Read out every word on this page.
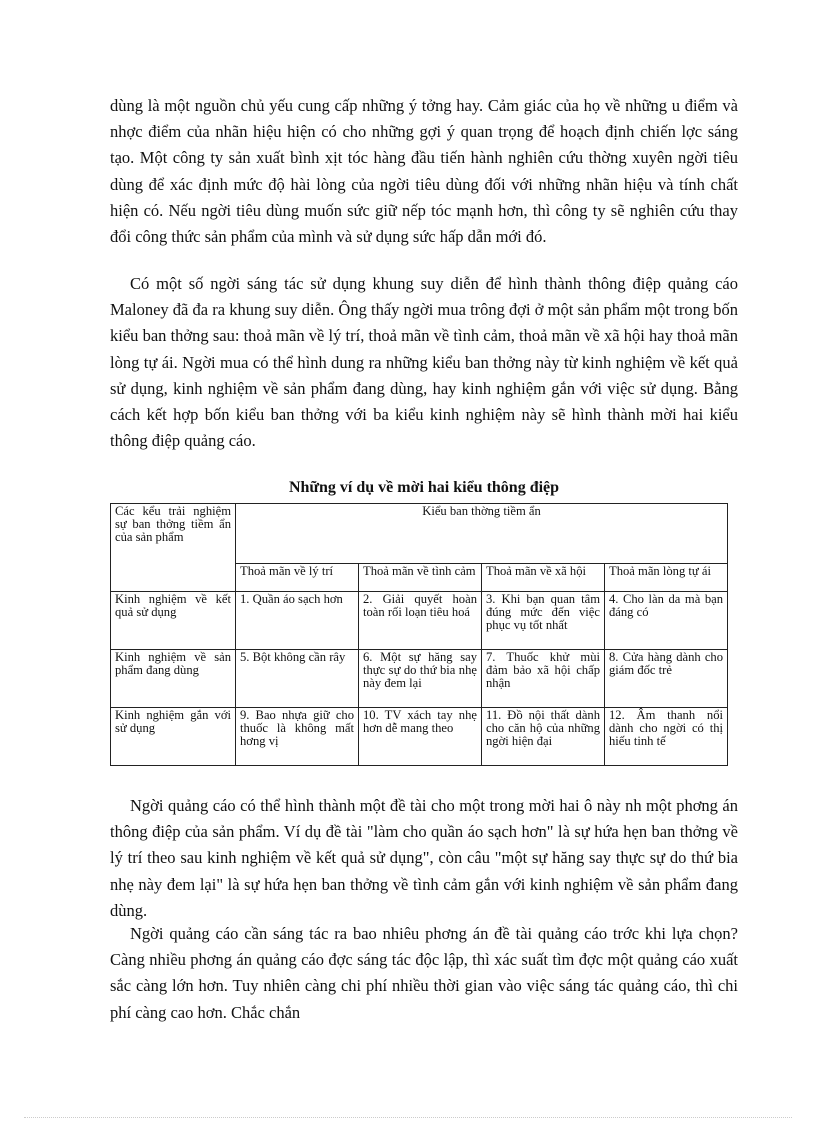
dùng là một nguồn chủ yếu cung cấp những ý tởng hay. Cảm giác của họ về những u điểm và nhợc điểm của nhãn hiệu hiện có cho những gợi ý quan trọng để hoạch định chiến lợc sáng tạo. Một công ty sản xuất bình xịt tóc hàng đầu tiến hành nghiên cứu thờng xuyên ngời tiêu dùng để xác định mức độ hài lòng của ngời tiêu dùng đối với những nhãn hiệu và tính chất hiện có. Nếu ngời tiêu dùng muốn sức giữ nếp tóc mạnh hơn, thì công ty sẽ nghiên cứu thay đổi công thức sản phẩm của mình và sử dụng sức hấp dẫn mới đó.

Có một số ngời sáng tác sử dụng khung suy diễn để hình thành thông điệp quảng cáo Maloney đã đa ra khung suy diễn. Ông thấy ngời mua trông đợi ở một sản phẩm một trong bốn kiểu ban thởng sau: thoả mãn về lý trí, thoả mãn về tình cảm, thoả mãn về xã hội hay thoả mãn lòng tự ái. Ngời mua có thể hình dung ra những kiểu ban thởng này từ kinh nghiệm về kết quả sử dụng, kinh nghiệm về sản phẩm đang dùng, hay kinh nghiệm gắn với việc sử dụng. Bằng cách kết hợp bốn kiểu ban thởng với ba kiểu kinh nghiệm này sẽ hình thành mời hai kiểu thông điệp quảng cáo.

Những ví dụ về mời hai kiểu thông điệp

Các kểu trải nghiệm sự ban thởng tiềm ẩn của sản phẩm	Kiểu ban thờng tiềm ẩn			
	Thoả mãn về lý trí	Thoả mãn về tình cảm	Thoả mãn về xã hội	Thoả mãn lòng tự ái
Kinh nghiệm về kết quả sử dụng	1. Quần áo sạch hơn	2. Giải quyết hoàn toàn rối loạn tiêu hoá	3. Khi bạn quan tâm đúng mức đến việc phục vụ tốt nhất	4. Cho làn da mà bạn đáng có
Kinh nghiệm về sản phẩm đang dùng	5. Bột không cần rây	6. Một sự hăng say thực sự do thứ bia nhẹ này đem lại	7. Thuốc khử mùi đảm bảo xã hội chấp nhận	8. Cửa hàng dành cho giám đốc trẻ
Kinh nghiệm gắn với sử dụng	9. Bao nhựa giữ cho thuốc là không mất hơng vị	10. TV xách tay nhẹ hơn dễ mang theo	11. Đồ nội thất dành cho căn hộ của những ngời hiện đại	12. Âm thanh nổi dành cho ngời có thị hiếu tinh tế

Ngời quảng cáo có thể hình thành một đề tài cho một trong mời hai ô này nh một phơng án thông điệp của sản phẩm. Ví dụ đề tài "làm cho quần áo sạch hơn" là sự hứa hẹn ban thởng về lý trí theo sau kinh nghiệm về kết quả sử dụng", còn câu "một sự hăng say thực sự do thứ bia nhẹ này đem lại" là sự hứa hẹn ban thởng về tình cảm gắn với kinh nghiệm về sản phẩm đang dùng.

Ngời quảng cáo cần sáng tác ra bao nhiêu phơng án đề tài quảng cáo trớc khi lựa chọn? Càng nhiều phơng án quảng cáo đợc sáng tác độc lập, thì xác suất tìm đợc một quảng cáo xuất sắc càng lớn hơn. Tuy nhiên càng chi phí nhiều thời gian vào việc sáng tác quảng cáo, thì chi phí càng cao hơn. Chắc chắn
